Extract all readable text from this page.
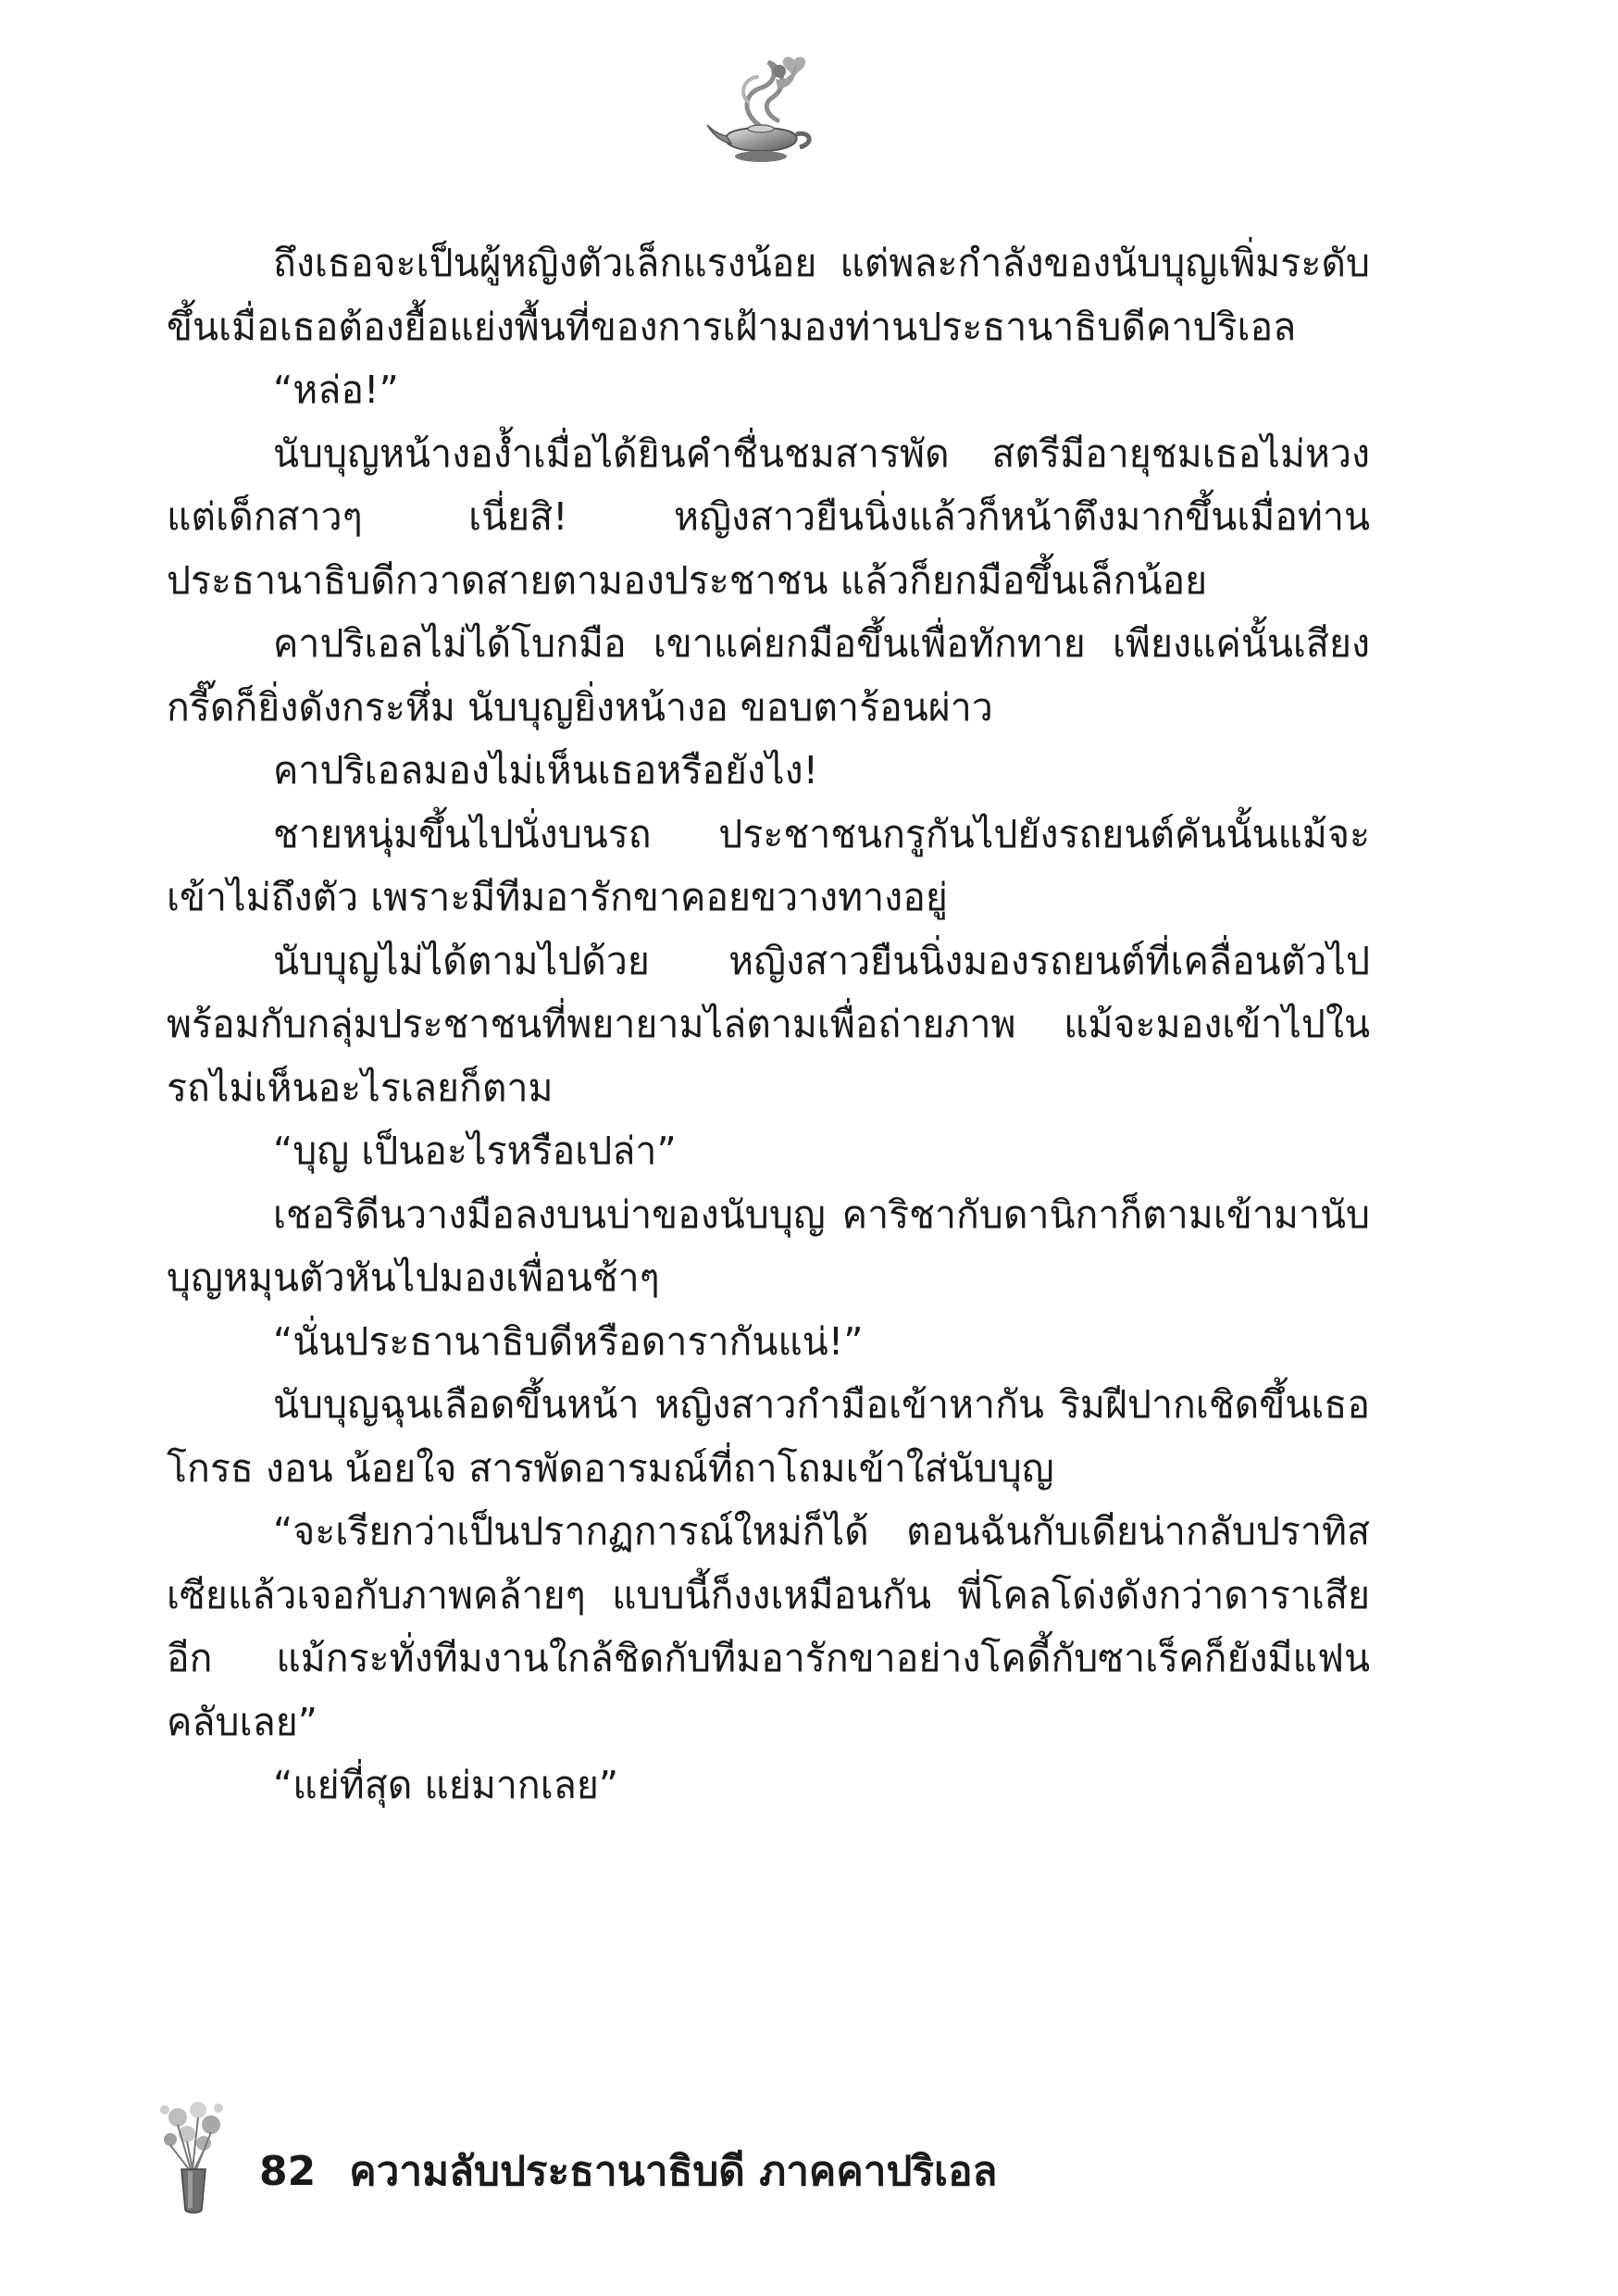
ถึงเธอจะเป็นผู้หญิงตัวเล็กแรงน้อย แต่พละกำลังของนับบุญเพิ่มระดับขึ้นเมื่อเธอต้องยื้อแย่งพื้นที่ของการเฝ้ามองท่านประธานาธิบดีคาปริเอล

“หล่อ!”

นับบุญหน้างอง้ำเมื่อได้ยินคำชื่นชมสารพัด สตรีมีอายุชมเธอไม่หวง แต่เด็กสาวๆ เนี่ยสิ! หญิงสาวยืนนิ่งแล้วก็หน้าตึงมากขึ้นเมื่อท่านประธานาธิบดีกวาดสายตามองประชาชน แล้วก็ยกมือขึ้นเล็กน้อย

คาปริเอลไม่ได้โบกมือ เขาแค่ยกมือขึ้นเพื่อทักทาย เพียงแค่นั้นเสียงกรี๊ดก็ยิ่งดังกระหึ่ม นับบุญยิ่งหน้างอ ขอบตาร้อนผ่าว

คาปริเอลมองไม่เห็นเธอหรือยังไง!

ชายหนุ่มขึ้นไปนั่งบนรถ ประชาชนกรูกันไปยังรถยนต์คันนั้นแม้จะเข้าไม่ถึงตัว เพราะมีทีมอารักขาคอยขวางทางอยู่

นับบุญไม่ได้ตามไปด้วย หญิงสาวยืนนิ่งมองรถยนต์ที่เคลื่อนตัวไป พร้อมกับกลุ่มประชาชนที่พยายามไล่ตามเพื่อถ่ายภาพ แม้จะมองเข้าไปในรถไม่เห็นอะไรเลยก็ตาม

“บุญ เป็นอะไรหรือเปล่า”

เชอริดีนวางมือลงบนบ่าของนับบุญ คาริชากับดานิกาก็ตามเข้ามานับบุญหมุนตัวหันไปมองเพื่อนช้าๆ

“นั่นประธานาธิบดีหรือดารากันแน่!”

นับบุญฉุนเลือดขึ้นหน้า หญิงสาวกำมือเข้าหากัน ริมฝีปากเชิดขึ้นเธอโกรธ งอน น้อยใจ สารพัดอารมณ์ที่ถาโถมเข้าใส่นับบุญ

“จะเรียกว่าเป็นปรากฏการณ์ใหม่ก็ได้ ตอนฉันกับเดียน่ากลับปราทิสเซียแล้วเจอกับภาพคล้ายๆ แบบนี้ก็งงเหมือนกัน พี่โคลโด่งดังกว่าดาราเสียอีก แม้กระทั่งทีมงานใกล้ชิดกับทีมอารักขาอย่างโคดี้กับซาเร็คก็ยังมีแฟนคลับเลย”

“แย่ที่สุด แย่มากเลย”

82 ความลับประธานาธิบดี ภาคคาปริเอล
